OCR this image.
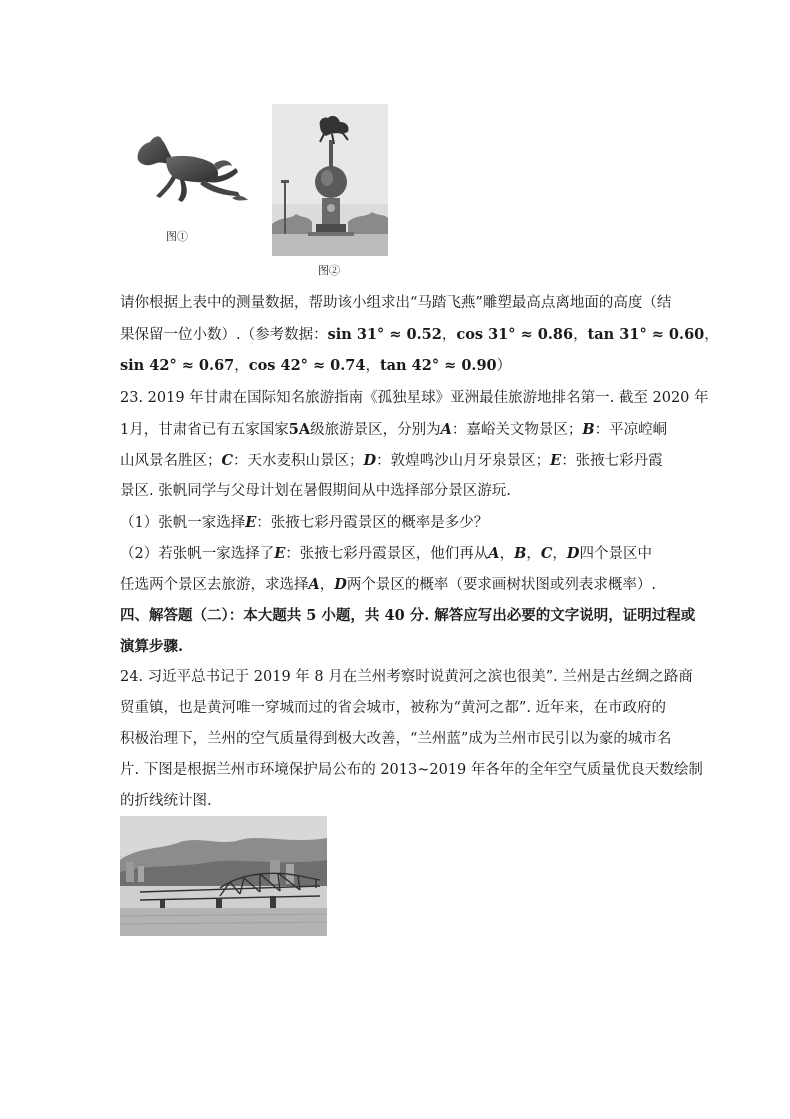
图①
图②
请你根据上表中的测量数据，帮助该小组求出“马踏飞燕”雕塑最高点离地面的高度（结
果保留一位小数）.（参考数据：sin 31° ≈ 0.52，cos 31° ≈ 0.86，tan 31° ≈ 0.60，
sin 42° ≈ 0.67，cos 42° ≈ 0.74，tan 42° ≈ 0.90）
23. 2019 年甘肃在国际知名旅游指南《孤独星球》亚洲最佳旅游地排名第一. 截至 2020 年
1月，甘肃省已有五家国家5A级旅游景区，分别为A：嘉峪关文物景区；B：平凉崆峒
山风景名胜区；C：天水麦积山景区；D：敦煌鸣沙山月牙泉景区；E：张掖七彩丹霞
景区. 张帆同学与父母计划在暑假期间从中选择部分景区游玩.
（1）张帆一家选择E：张掖七彩丹霞景区的概率是多少？
（2）若张帆一家选择了E：张掖七彩丹霞景区，他们再从A，B，C，D四个景区中
任选两个景区去旅游，求选择A，D两个景区的概率（要求画树状图或列表求概率）.
四、解答题（二）：本大题共 5 小题，共 40 分. 解答应写出必要的文字说明，证明过程或
演算步骤.
24. 习近平总书记于 2019 年 8 月在兰州考察时说黄河之滨也很美”. 兰州是古丝绸之路商
贸重镇，也是黄河唯一穿城而过的省会城市，被称为“黄河之都”. 近年来，在市政府的
积极治理下，兰州的空气质量得到极大改善，“兰州蓝”成为兰州市民引以为豪的城市名
片. 下图是根据兰州市环境保护局公布的 2013~2019 年各年的全年空气质量优良天数绘制
的折线统计图.
